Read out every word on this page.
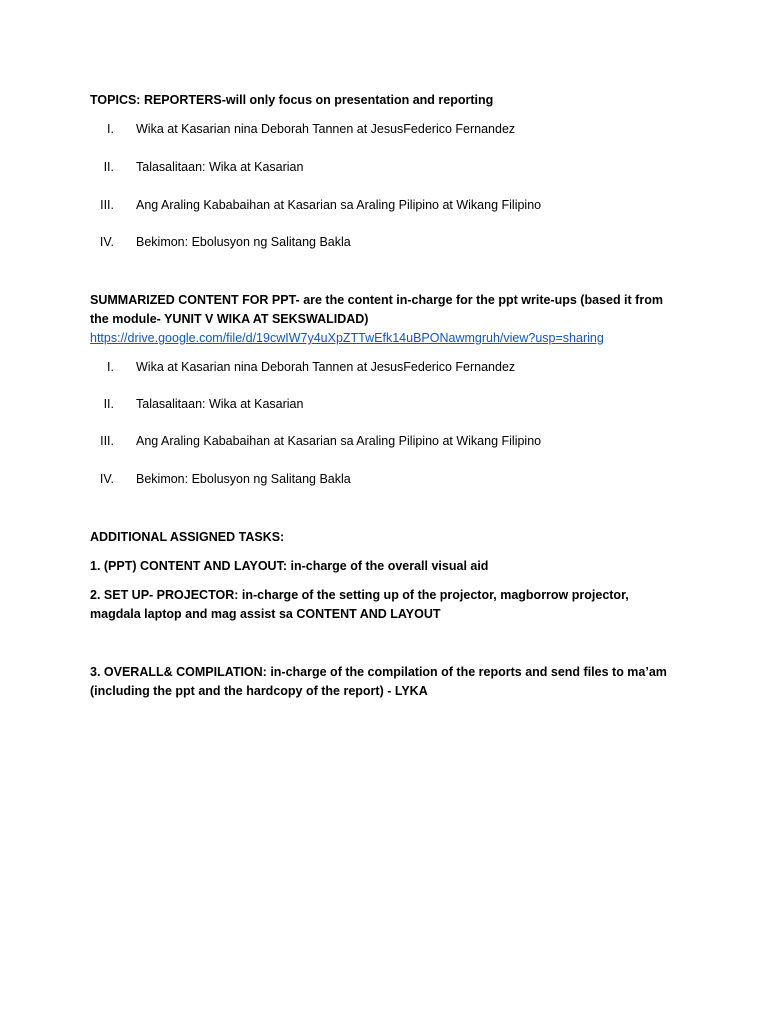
TOPICS: REPORTERS-will only focus on presentation and reporting
I. Wika at Kasarian nina Deborah Tannen at JesusFederico Fernandez
II. Talasalitaan: Wika at Kasarian
III. Ang Araling Kababaihan at Kasarian sa Araling Pilipino at Wikang Filipino
IV. Bekimon: Ebolusyon ng Salitang Bakla
SUMMARIZED CONTENT FOR PPT- are the content in-charge for the ppt write-ups (based it from the module- YUNIT V WIKA AT SEKSWALIDAD)
https://drive.google.com/file/d/19cwIW7y4uXpZTTwEfk14uBPONawmgruh/view?usp=sharing
I. Wika at Kasarian nina Deborah Tannen at JesusFederico Fernandez
II. Talasalitaan: Wika at Kasarian
III. Ang Araling Kababaihan at Kasarian sa Araling Pilipino at Wikang Filipino
IV. Bekimon: Ebolusyon ng Salitang Bakla
ADDITIONAL ASSIGNED TASKS:
1. (PPT) CONTENT AND LAYOUT: in-charge of the overall visual aid
2. SET UP- PROJECTOR: in-charge of the setting up of the projector, magborrow projector, magdala laptop and mag assist sa CONTENT AND LAYOUT
3. OVERALL& COMPILATION: in-charge of the compilation of the reports and send files to ma’am (including the ppt and the hardcopy of the report) - LYKA
